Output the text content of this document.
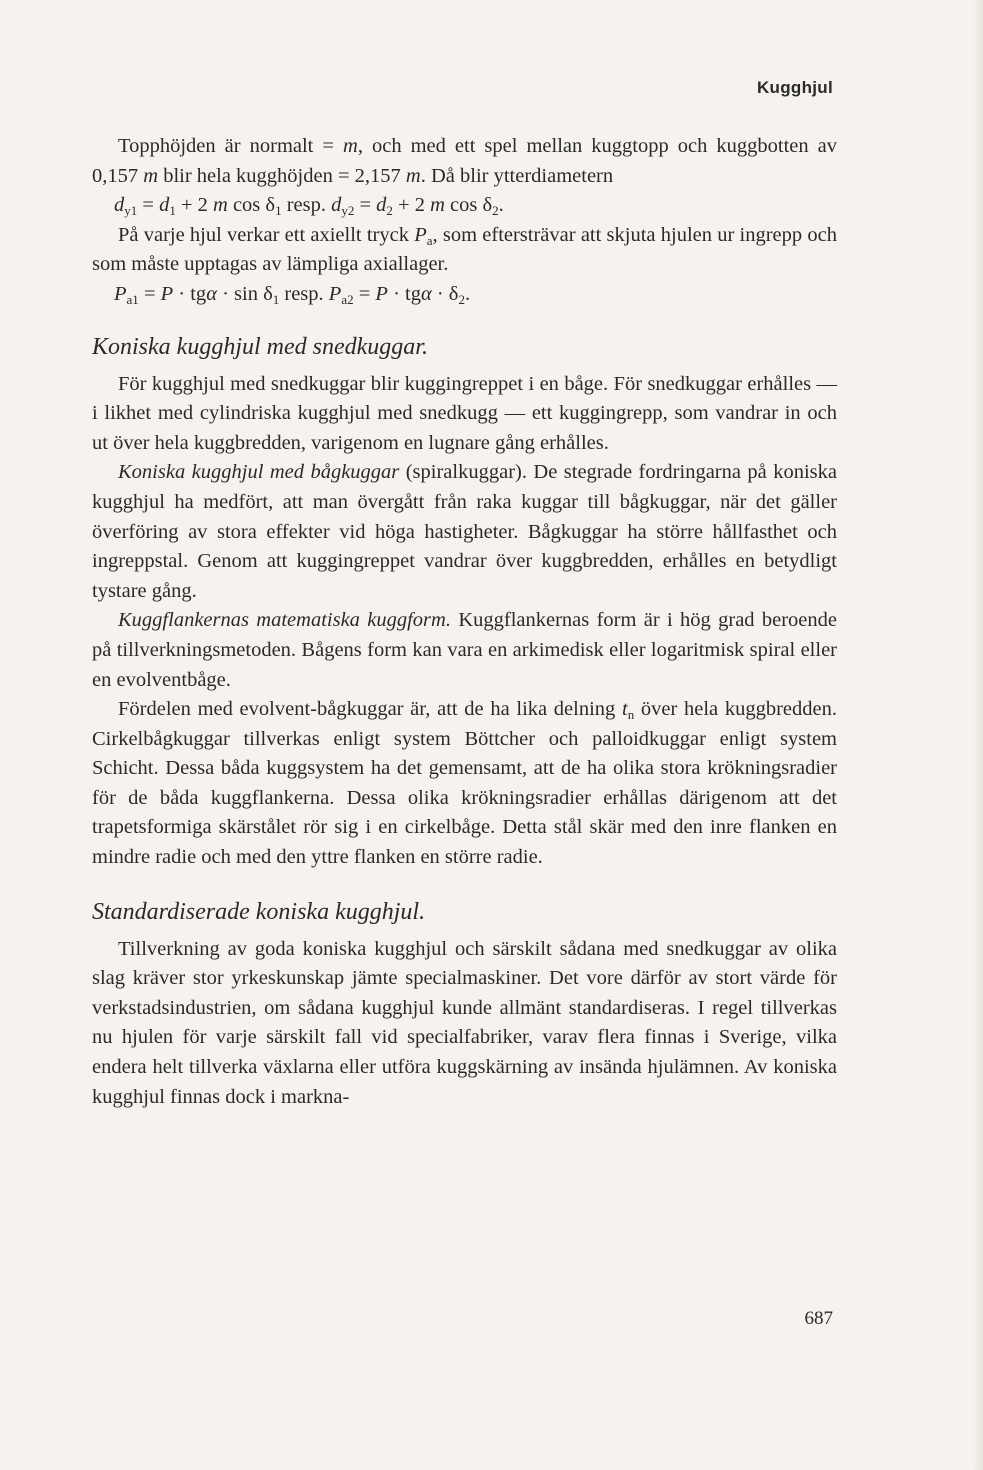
Kugghjul

Topphöjden är normalt = m, och med ett spel mellan kuggtopp och kuggbotten av 0,157 m blir hela kugghöjden = 2,157 m. Då blir ytterdiametern

$d_{y1} = d_1 + 2$ m $\cos \delta_1$ resp. $d_{y2} = d_2 + 2$ m $\cos \delta_2$.

På varje hjul verkar ett axiellt tryck $P_a$, som eftersträvar att skjuta hjulen ur ingrepp och som måste upptagas av lämpliga axiallager.

$P_{a1} = P \cdot tg\alpha \cdot \sin \delta_1$ resp. $P_{a2} = P \cdot tg\alpha \cdot \delta_2$.
Koniska kugghjul med snedkuggar.

För kugghjul med snedkuggar blir kuggingreppet i en båge. För snedkuggar erhålles — i likhet med cylindriska kugghjul med snedkugg — ett kuggingrepp, som vandrar in och ut över hela kuggbredden, varigenom en lugnare gång erhålles.

Koniska kugghjul med bågkuggar (spiralkuggar). De stegrade fordringarna på koniska kugghjul ha medfört, att man övergått från raka kuggar till bågkuggar, när det gäller överföring av stora effekter vid höga hastigheter. Bågkuggar ha större hållfasthet och ingreppstal. Genom att kuggingreppet vandrar över kuggbredden, erhålles en betydligt tystare gång.

Kuggflankernas matematiska kuggform. Kuggflankernas form är i hög grad beroende på tillverkningsmetoden. Bågens form kan vara en arkimedisk eller logaritmisk spiral eller en evolventbåge.

Fördelen med evolvent-bågkuggar är, att de ha lika delning $t_n$ över hela kuggbredden. Cirkelbågkuggar tillverkas enligt system Böttcher och palloidkuggar enligt system Schicht. Dessa båda kuggsystem ha det gemensamt, att de ha olika stora krökningsradier för de båda kuggflankerna. Dessa olika krökningsradier erhållas därigenom att det trapetsformiga skärstålet rör sig i en cirkelbåge. Detta stål skär med den inre flanken en mindre radie och med den yttre flanken en större radie.

Standardiserade koniska kugghjul.

Tillverkning av goda koniska kugghjul och särskilt sådana med snedkuggar av olika slag kräver stor yrkeskunskap jämte specialmaskiner. Det vore därför av stort värde för verkstadsindustrien, om sådana kugghjul kunde allmänt standardiseras. I regel tillverkas nu hjulen för varje särskilt fall vid specialfabriker, varav flera finnas i Sverige, vilka endera helt tillverka växlarna eller utföra kuggskärning av insända hjulämnen. Av koniska kugghjul finnas dock i markna-

687
